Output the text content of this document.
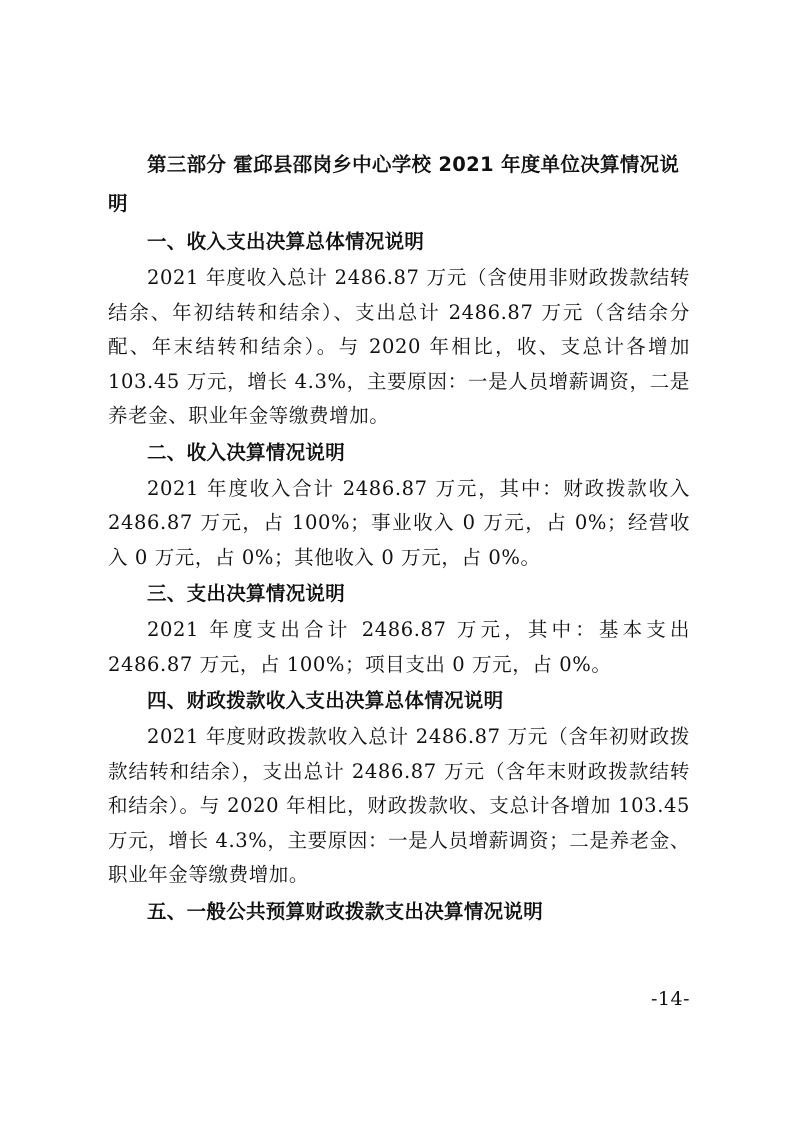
第三部分 霍邱县邵岗乡中心学校 2021 年度单位决算情况说明

一、收入支出决算总体情况说明

2021 年度收入总计 2486.87 万元（含使用非财政拨款结转结余、年初结转和结余）、支出总计 2486.87 万元（含结余分配、年末结转和结余）。与 2020 年相比，收、支总计各增加 103.45 万元，增长 4.3%，主要原因：一是人员增薪调资，二是养老金、职业年金等缴费增加。

二、收入决算情况说明

2021 年度收入合计 2486.87 万元，其中：财政拨款收入 2486.87 万元，占 100%；事业收入 0 万元，占 0%；经营收入 0 万元，占 0%；其他收入 0 万元，占 0%。

三、支出决算情况说明

2021 年度支出合计 2486.87 万元，其中：基本支出 2486.87 万元，占 100%；项目支出 0 万元，占 0%。

四、财政拨款收入支出决算总体情况说明

2021 年度财政拨款收入总计 2486.87 万元（含年初财政拨款结转和结余），支出总计 2486.87 万元（含年末财政拨款结转和结余）。与 2020 年相比，财政拨款收、支总计各增加 103.45 万元，增长 4.3%，主要原因：一是人员增薪调资；二是养老金、职业年金等缴费增加。

五、一般公共预算财政拨款支出决算情况说明

-14-
